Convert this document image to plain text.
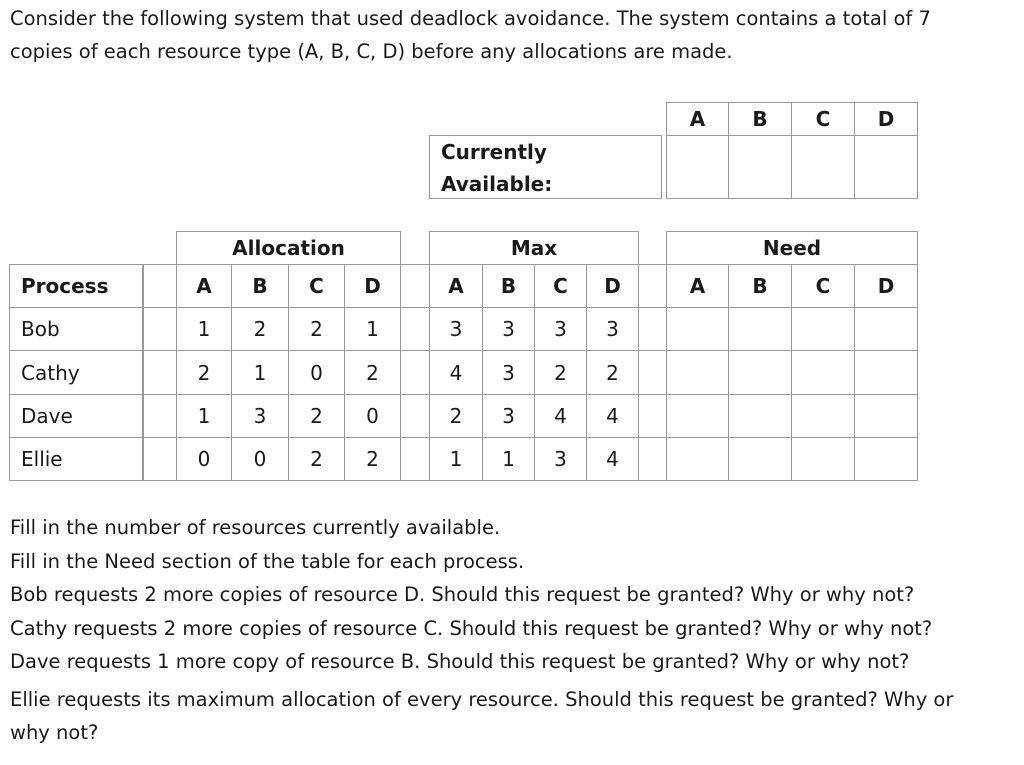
Consider the following system that used deadlock avoidance. The system contains a total of 7 copies of each resource type (A, B, C, D) before any allocations are made.

Currently
Available:
A	B	C	D
Allocation	Max	Need
Process	A	B	C	D	A	B	C	D	A	B	C	D
Bob	1	2	2	1	3	3	3	3
Cathy	2	1	0	2	4	3	2	2
Dave	1	3	2	0	2	3	4	4
Ellie	0	0	2	2	1	1	3	4

Fill in the number of resources currently available.

Fill in the Need section of the table for each process.

Bob requests 2 more copies of resource D. Should this request be granted? Why or why not?

Cathy requests 2 more copies of resource C. Should this request be granted? Why or why not?

Dave requests 1 more copy of resource B. Should this request be granted? Why or why not?

Ellie requests its maximum allocation of every resource. Should this request be granted? Why or why not?
